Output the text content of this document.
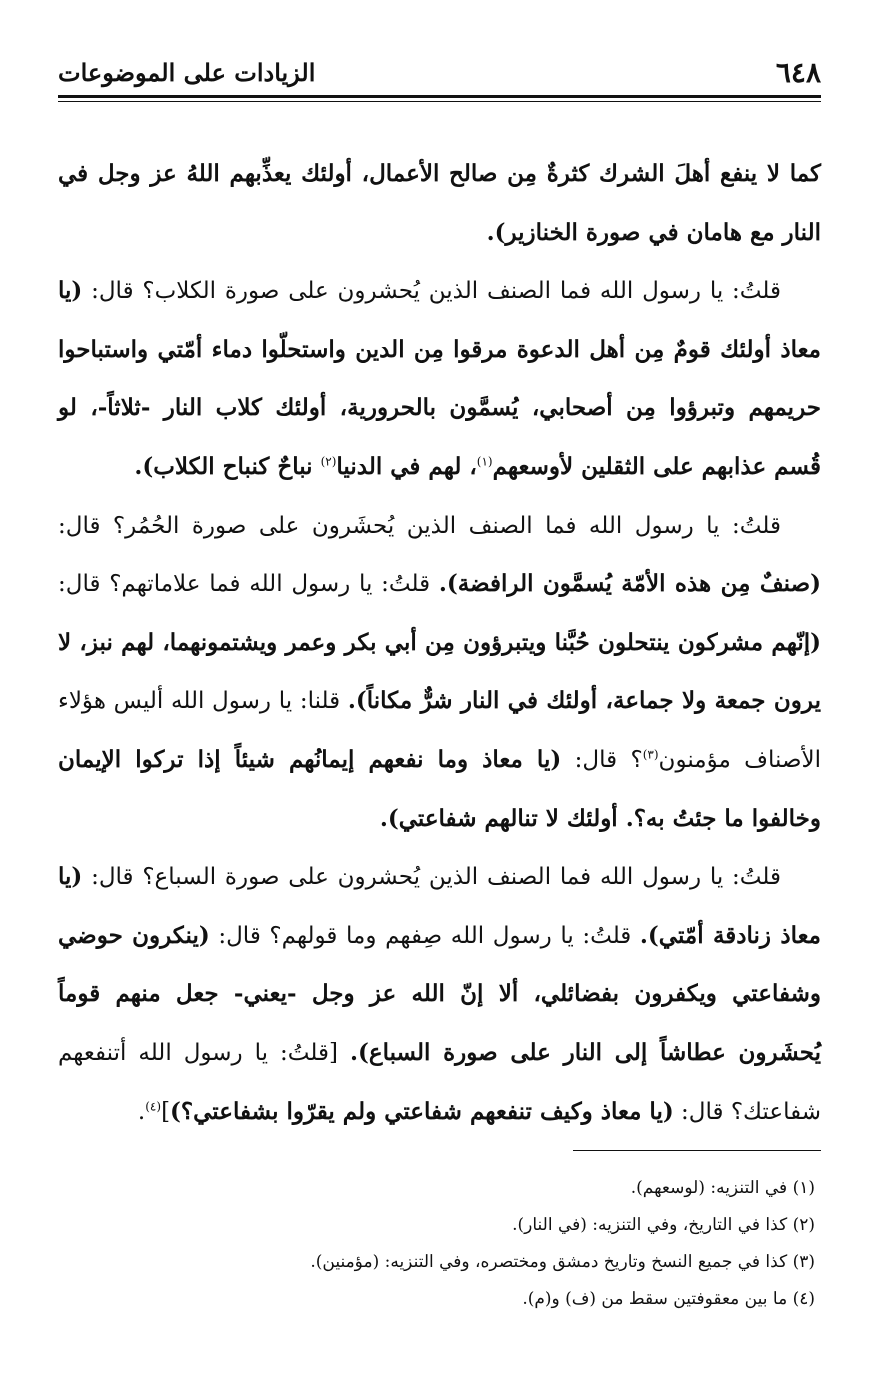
٦٤٨
الزيادات على الموضوعات

كما لا ينفع أهلَ الشرك كثرةٌ مِن صالح الأعمال، أولئك يعذِّبهم اللهُ عز وجل في النار مع هامان في صورة الخنازير).

قلتُ: يا رسول الله فما الصنف الذين يُحشرون على صورة الكلاب؟ قال: (يا معاذ أولئك قومٌ مِن أهل الدعوة مرقوا مِن الدين واستحلّوا دماء أمّتي واستباحوا حريمهم وتبرؤوا مِن أصحابي، يُسمَّون بالحرورية، أولئك كلاب النار -ثلاثاً-، لو قُسم عذابهم على الثقلين لأوسعهم$^{(١)}$، لهم في الدنيا$^{(٢)}$ نباحٌ كنباح الكلاب).

قلتُ: يا رسول الله فما الصنف الذين يُحشَرون على صورة الحُمُر؟ قال: (صنفٌ مِن هذه الأمّة يُسمَّون الرافضة). قلتُ: يا رسول الله فما علاماتهم؟ قال: (إنّهم مشركون ينتحلون حُبَّنا ويتبرؤون مِن أبي بكر وعمر ويشتمونهما، لهم نبز، لا يرون جمعة ولا جماعة، أولئك في النار شرٌّ مكاناً). قلنا: يا رسول الله أليس هؤلاء الأصناف مؤمنون$^{(٣)}$؟ قال: (يا معاذ وما نفعهم إيمانُهم شيئاً إذا تركوا الإيمان وخالفوا ما جئتُ به؟. أولئك لا تنالهم شفاعتي).

قلتُ: يا رسول الله فما الصنف الذين يُحشرون على صورة السباع؟ قال: (يا معاذ زنادقة أمّتي). قلتُ: يا رسول الله صِفهم وما قولهم؟ قال: (ينكرون حوضي وشفاعتي ويكفرون بفضائلي، ألا إنّ الله عز وجل -يعني- جعل منهم قوماً يُحشَرون عطاشاً إلى النار على صورة السباع). [قلتُ: يا رسول الله أتنفعهم شفاعتك؟ قال: (يا معاذ وكيف تنفعهم شفاعتي ولم يقرّوا بشفاعتي؟)]$^{(٤)}$.

(١) في التنزيه: (لوسعهم).

(٢) كذا في التاريخ، وفي التنزيه: (في النار).

(٣) كذا في جميع النسخ وتاريخ دمشق ومختصره، وفي التنزيه: (مؤمنين).

(٤) ما بين معقوفتين سقط من (ف) و(م).
